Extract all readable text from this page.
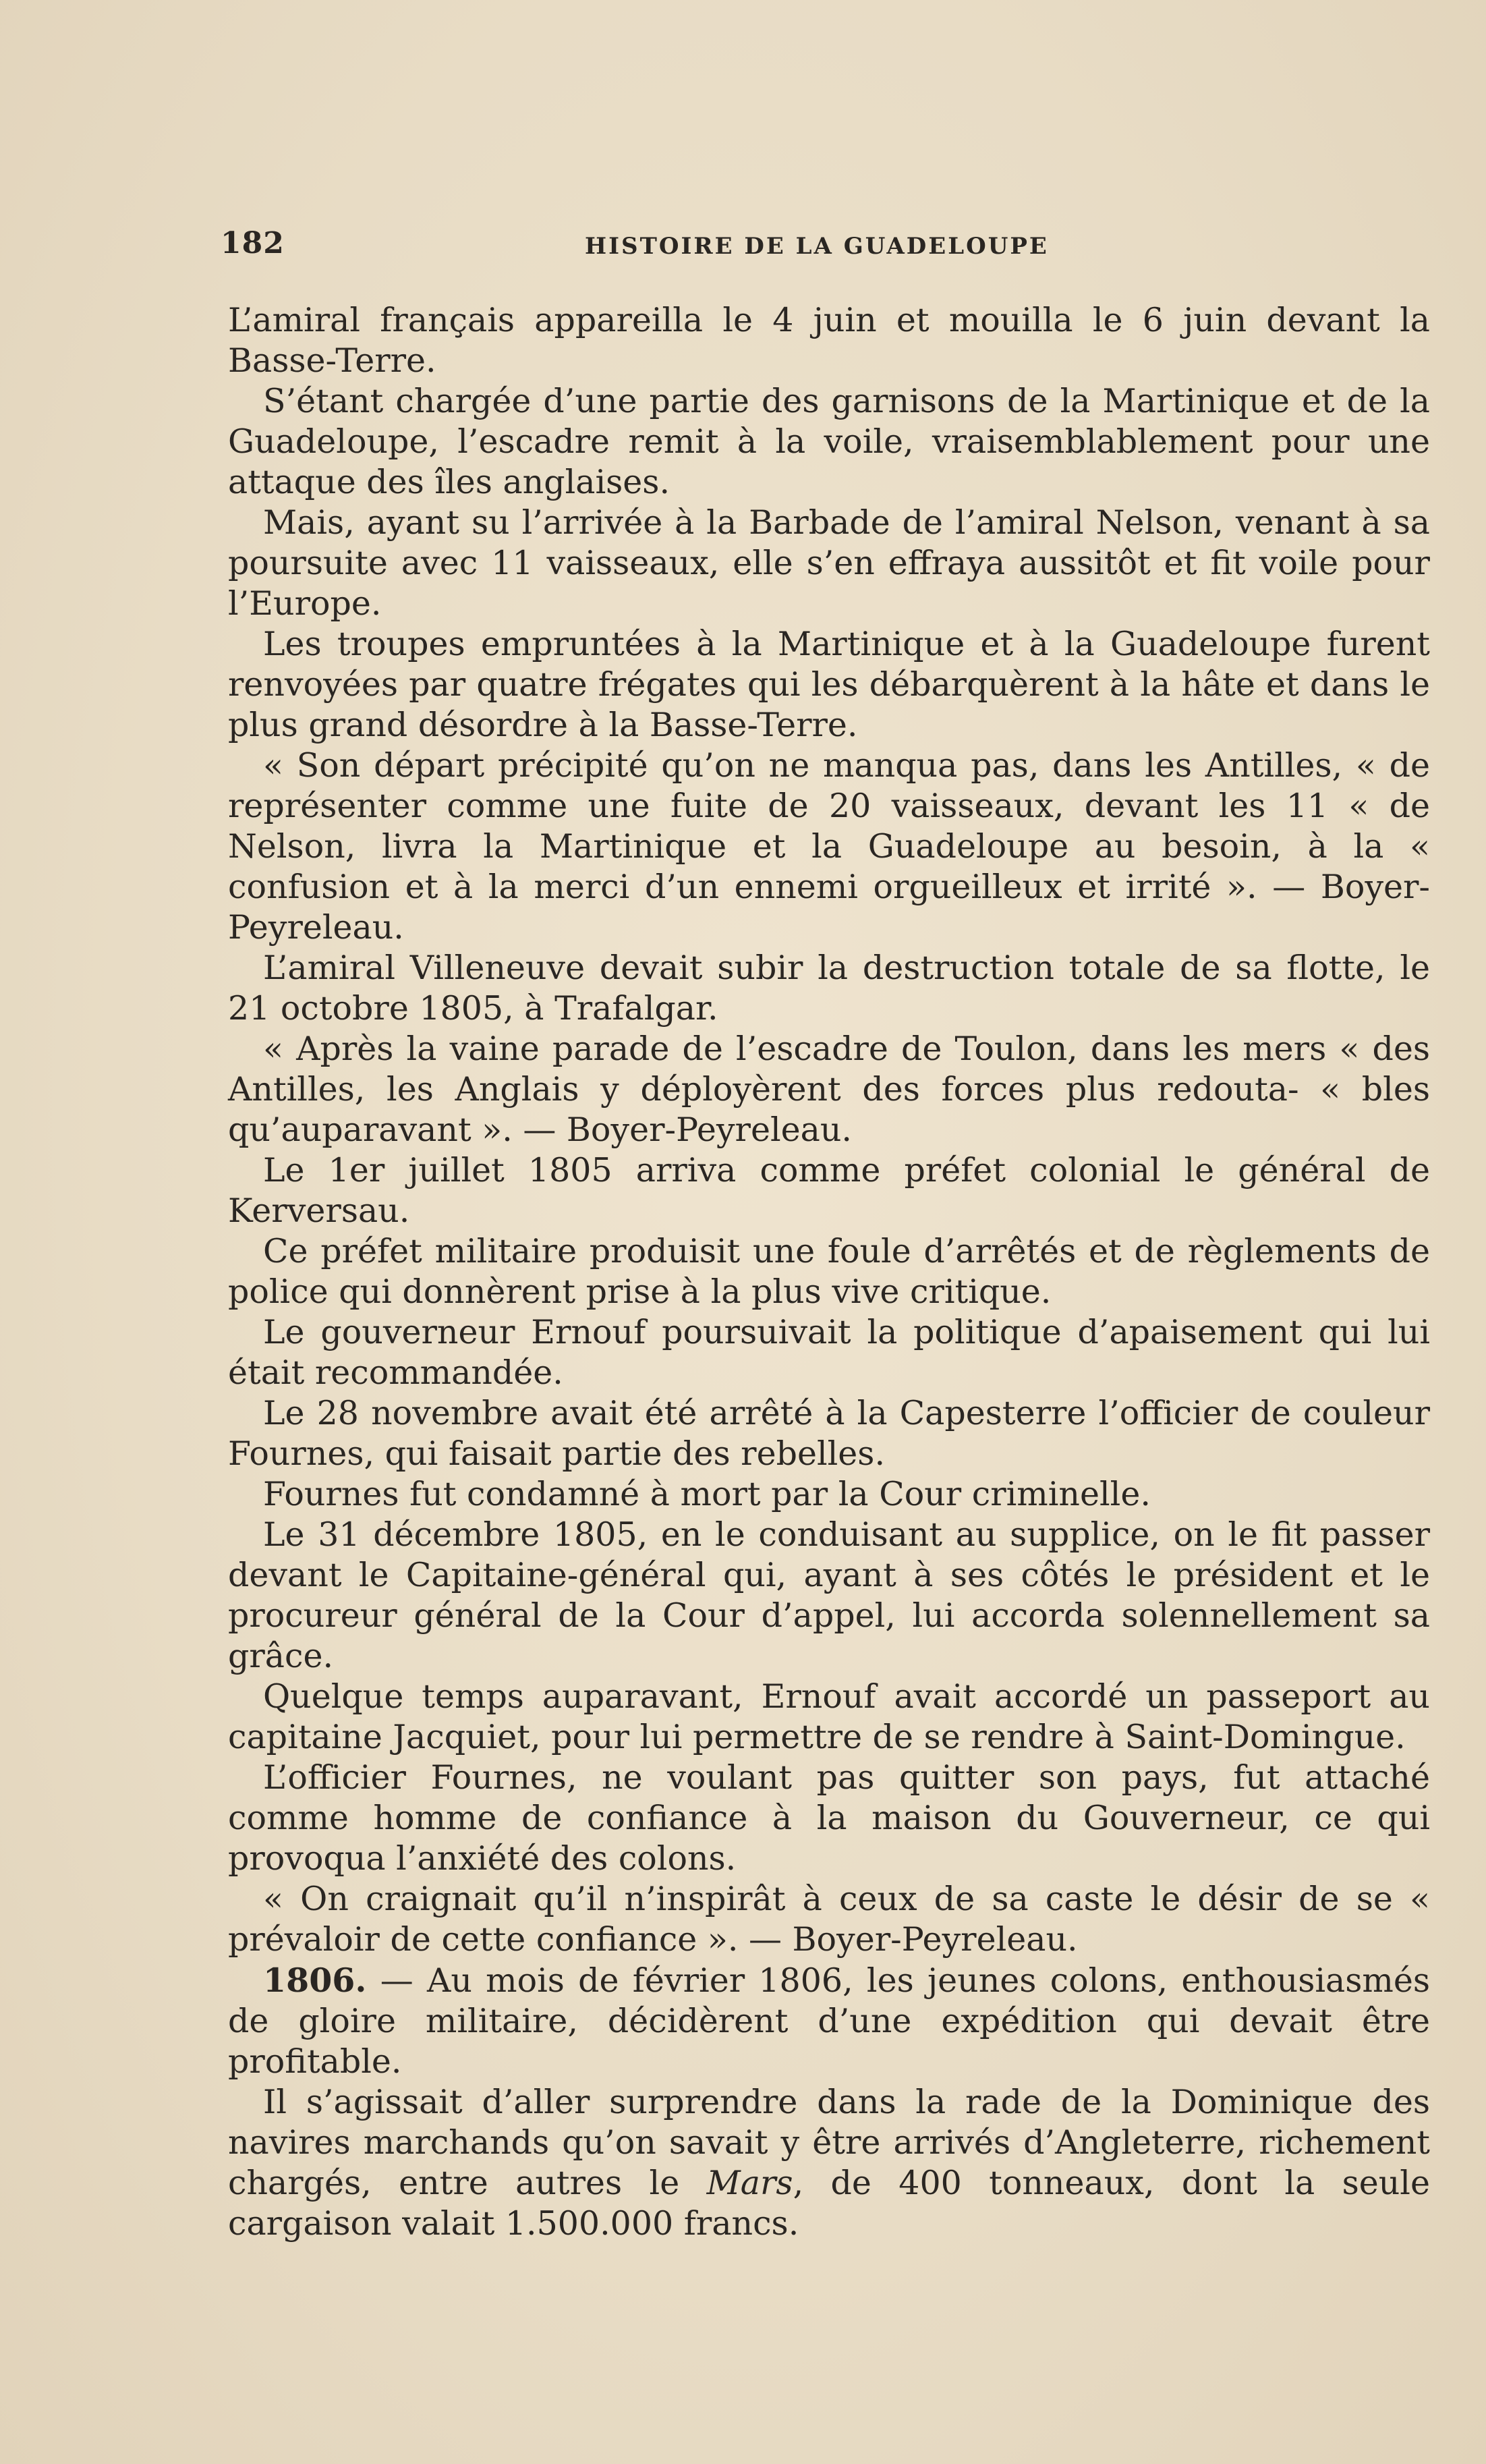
182	HISTOIRE DE LA GUADELOUPE

L’amiral français appareilla le 4 juin et mouilla le 6 juin devant la Basse-Terre.

S’étant chargée d’une partie des garnisons de la Martinique et de la Guadeloupe, l’escadre remit à la voile, vraisemblablement pour une attaque des îles anglaises.

Mais, ayant su l’arrivée à la Barbade de l’amiral Nelson, venant à sa poursuite avec 11 vaisseaux, elle s’en effraya aussitôt et fit voile pour l’Europe.

Les troupes empruntées à la Martinique et à la Guadeloupe furent renvoyées par quatre frégates qui les débarquèrent à la hâte et dans le plus grand désordre à la Basse-Terre.

« Son départ précipité qu’on ne manqua pas, dans les Antilles, « de représenter comme une fuite de 20 vaisseaux, devant les 11 « de Nelson, livra la Martinique et la Guadeloupe au besoin, à la « confusion et à la merci d’un ennemi orgueilleux et irrité ». — Boyer-Peyreleau.

L’amiral Villeneuve devait subir la destruction totale de sa flotte, le 21 octobre 1805, à Trafalgar.

« Après la vaine parade de l’escadre de Toulon, dans les mers « des Antilles, les Anglais y déployèrent des forces plus redouta- « bles qu’auparavant ». — Boyer-Peyreleau.

Le 1er juillet 1805 arriva comme préfet colonial le général de Kerversau.

Ce préfet militaire produisit une foule d’arrêtés et de règlements de police qui donnèrent prise à la plus vive critique.

Le gouverneur Ernouf poursuivait la politique d’apaisement qui lui était recommandée.

Le 28 novembre avait été arrêté à la Capesterre l’officier de couleur Fournes, qui faisait partie des rebelles.

Fournes fut condamné à mort par la Cour criminelle.

Le 31 décembre 1805, en le conduisant au supplice, on le fit passer devant le Capitaine-général qui, ayant à ses côtés le président et le procureur général de la Cour d’appel, lui accorda solennellement sa grâce.

Quelque temps auparavant, Ernouf avait accordé un passeport au capitaine Jacquiet, pour lui permettre de se rendre à Saint-Domingue.

L’officier Fournes, ne voulant pas quitter son pays, fut attaché comme homme de confiance à la maison du Gouverneur, ce qui provoqua l’anxiété des colons.

« On craignait qu’il n’inspirât à ceux de sa caste le désir de se « prévaloir de cette confiance ». — Boyer-Peyreleau.

1806. — Au mois de février 1806, les jeunes colons, enthousiasmés de gloire militaire, décidèrent d’une expédition qui devait être profitable.

Il s’agissait d’aller surprendre dans la rade de la Dominique des navires marchands qu’on savait y être arrivés d’Angleterre, richement chargés, entre autres le Mars, de 400 tonneaux, dont la seule cargaison valait 1.500.000 francs.
